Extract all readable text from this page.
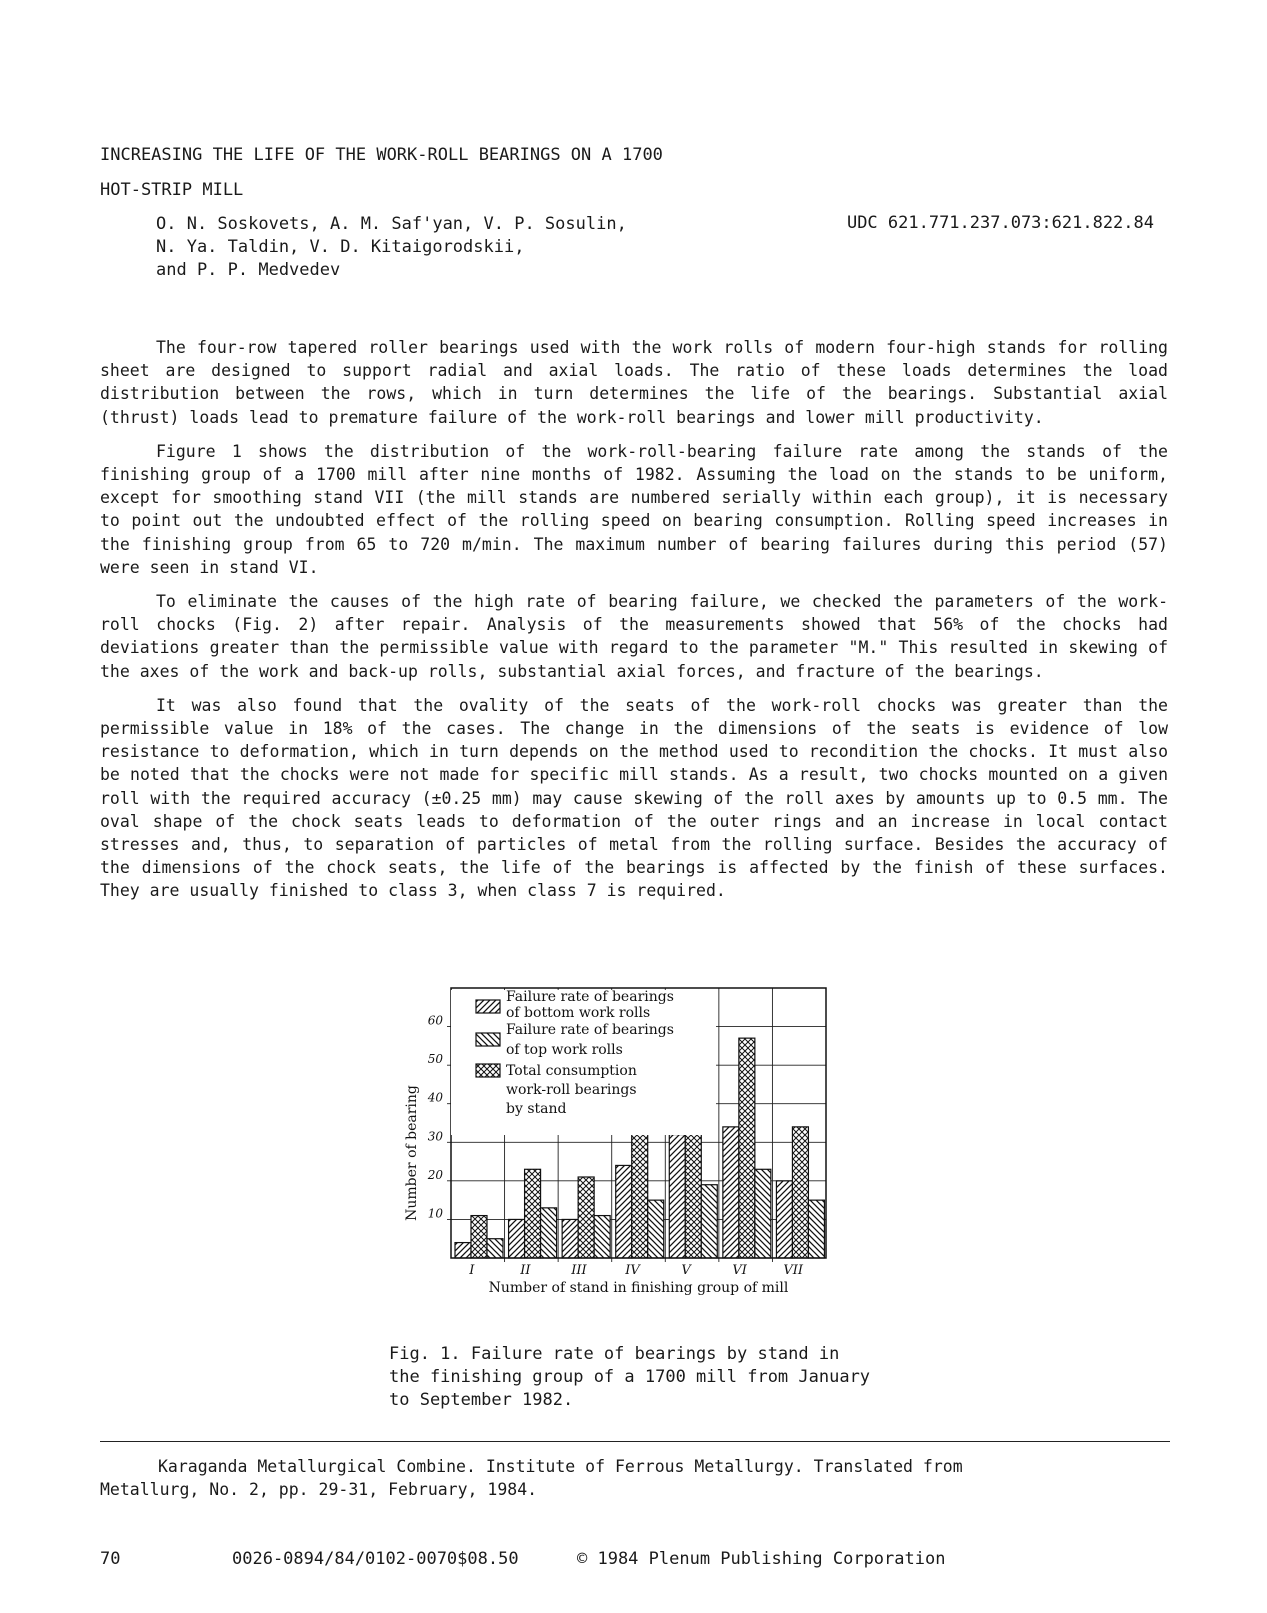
INCREASING THE LIFE OF THE WORK-ROLL BEARINGS ON A 1700
HOT-STRIP MILL
O. N. Soskovets, A. M. Saf'yan, V. P. Sosulin,
N. Ya. Taldin, V. D. Kitaigorodskii,
and P. P. Medvedev
UDC 621.771.237.073:621.822.84

The four-row tapered roller bearings used with the work rolls of modern four-high stands for rolling sheet are designed to support radial and axial loads. The ratio of these loads determines the load distribution between the rows, which in turn determines the life of the bearings. Substantial axial (thrust) loads lead to premature failure of the work-roll bearings and lower mill productivity.

Figure 1 shows the distribution of the work-roll-bearing failure rate among the stands of the finishing group of a 1700 mill after nine months of 1982. Assuming the load on the stands to be uniform, except for smoothing stand VII (the mill stands are numbered serially within each group), it is necessary to point out the undoubted effect of the rolling speed on bearing consumption. Rolling speed increases in the finishing group from 65 to 720 m/min. The maximum number of bearing failures during this period (57) were seen in stand VI.

To eliminate the causes of the high rate of bearing failure, we checked the parameters of the work-roll chocks (Fig. 2) after repair. Analysis of the measurements showed that 56% of the chocks had deviations greater than the permissible value with regard to the parameter "M." This resulted in skewing of the axes of the work and back-up rolls, substantial axial forces, and fracture of the bearings.

It was also found that the ovality of the seats of the work-roll chocks was greater than the permissible value in 18% of the cases. The change in the dimensions of the seats is evidence of low resistance to deformation, which in turn depends on the method used to recondition the chocks. It must also be noted that the chocks were not made for specific mill stands. As a result, two chocks mounted on a given roll with the required accuracy (±0.25 mm) may cause skewing of the roll axes by amounts up to 0.5 mm. The oval shape of the chock seats leads to deformation of the outer rings and an increase in local contact stresses and, thus, to separation of particles of metal from the rolling surface. Besides the accuracy of the dimensions of the chock seats, the life of the bearings is affected by the finish of these surfaces. They are usually finished to class 3, when class 7 is required.

10
20
30
40
50
60
I	II	III	IV	V	VI	VII
Number of stand in finishing group of mill
Number of bearing
Failure rate of bearings of bottom work rolls
Failure rate of bearings of top work rolls
Total consumption work-roll bearings by stand
Fig. 1. Failure rate of bearings by stand in the finishing group of a 1700 mill from January to September 1982.
Karaganda Metallurgical Combine. Institute of Ferrous Metallurgy. Translated from
Metallurg, No. 2, pp. 29-31, February, 1984.
70	0026-0894/84/0102-0070$08.50	© 1984 Plenum Publishing Corporation
